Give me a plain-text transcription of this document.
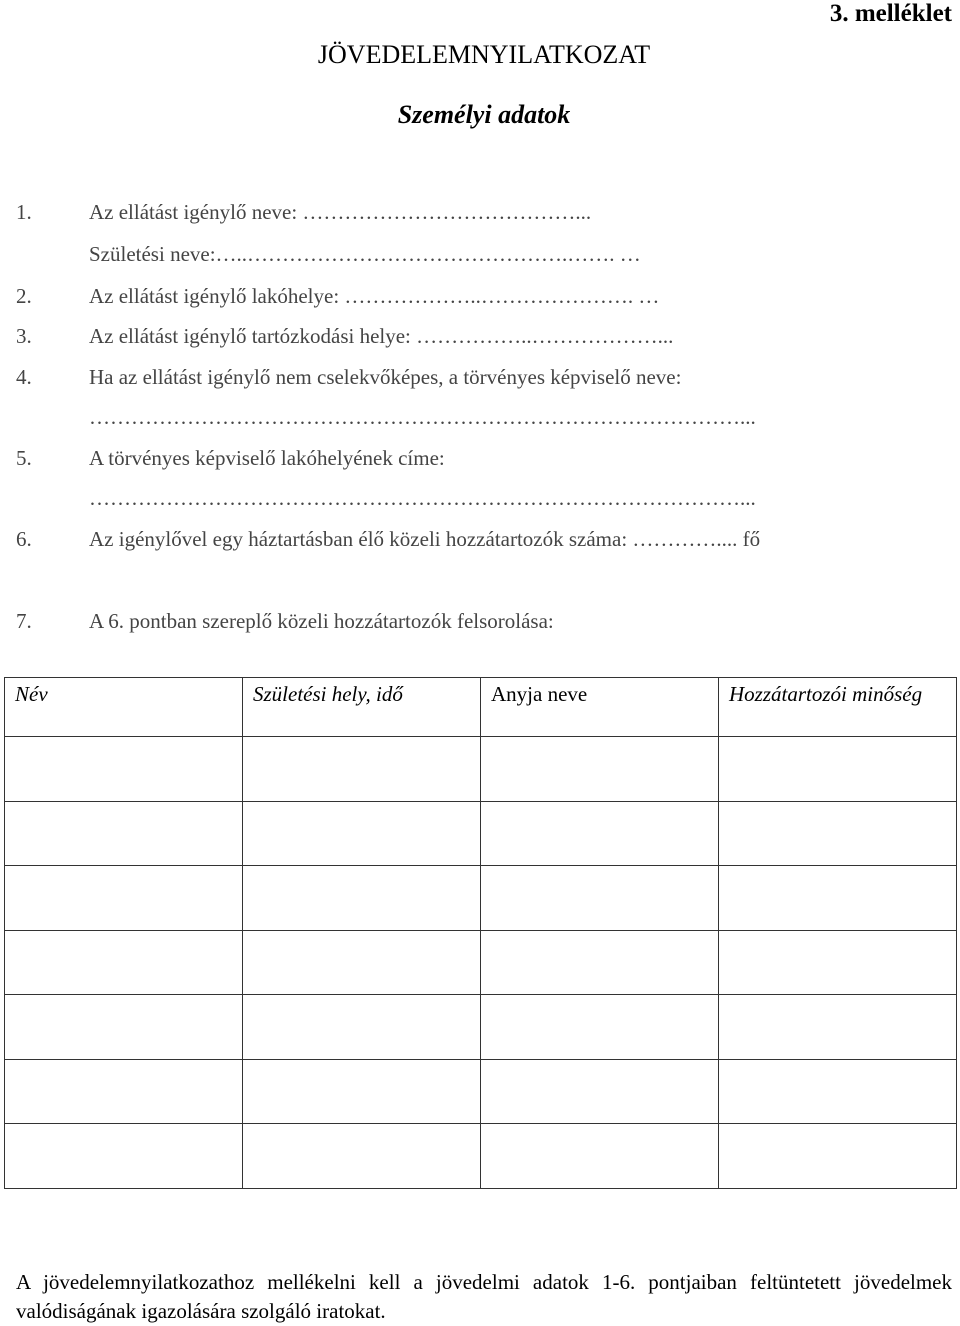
3. melléklet
JÖVEDELEMNYILATKOZAT
Személyi adatok
1.	Az ellátást igénylő neve: …………………………………...
Születési neve:…..……………………………………….……. …
2.	Az ellátást igénylő lakóhelye: ………………..…………………. …
3.	Az ellátást igénylő tartózkodási helye: ……………..………………...
4.	Ha az ellátást igénylő nem cselekvőképes, a törvényes képviselő neve:
…………………………………………………………………………………...
5.	A törvényes képviselő lakóhelyének címe:
…………………………………………………………………………………...
6.	Az igénylővel egy háztartásban élő közeli hozzátartozók száma: ………….... fő
7.	A 6. pontban szereplő közeli hozzátartozók felsorolása:
Név	Születési hely, idő	Anyja neve	Hozzátartozói minőség

A jövedelemnyilatkozathoz mellékelni kell a jövedelmi adatok 1-6. pontjaiban feltüntetett jövedelmek valódiságának igazolására szolgáló iratokat.
